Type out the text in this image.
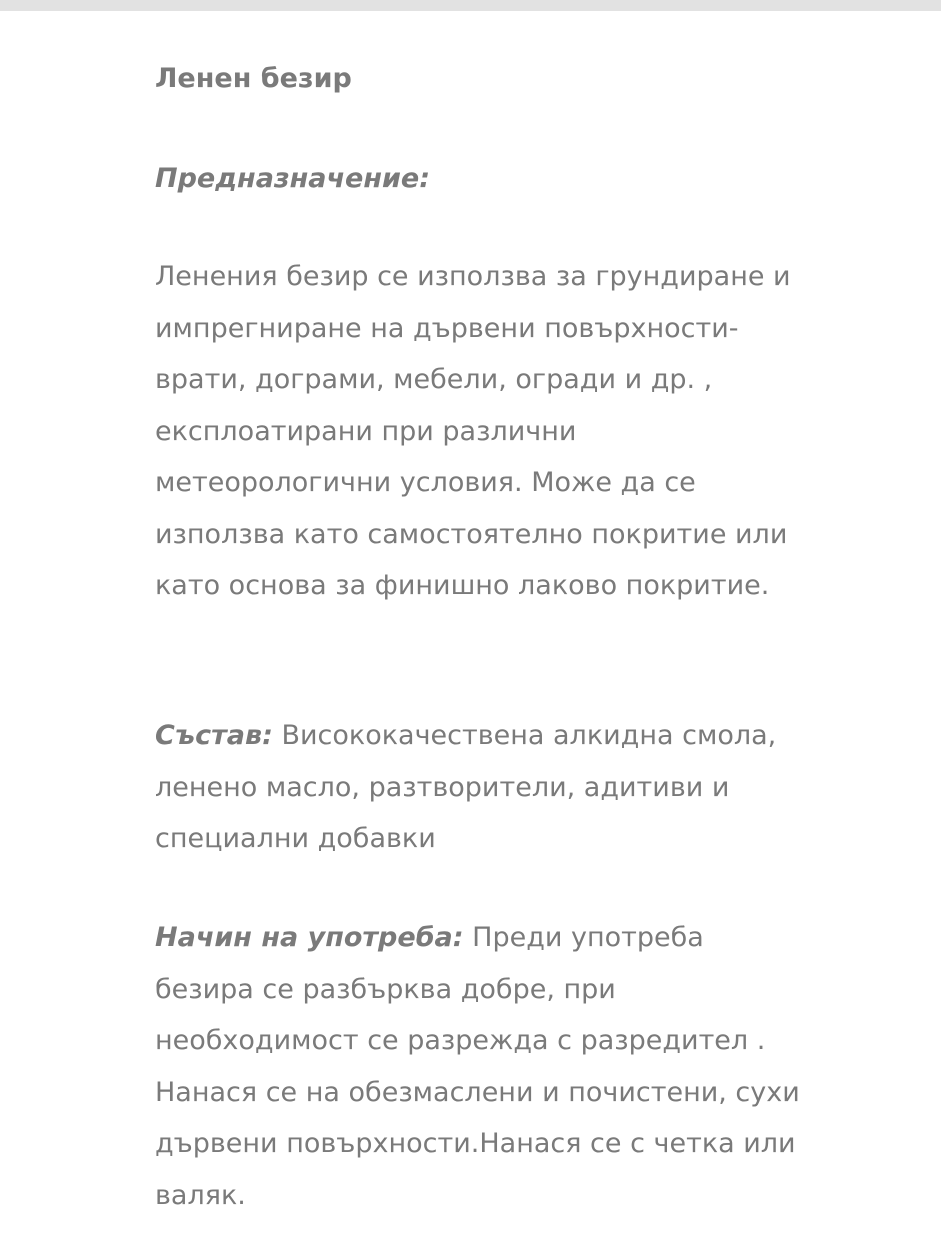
Ленен безир

Предназначение:

Ленения безир се използва за грундиране и импрегниране на дървени повърхности-врати, дограми, мебели, огради и др. , експлоатирани при различни метеорологични условия. Може да се използва като самостоятелно покритие или като основа за финишно лаково покритие.

Състав: Висококачествена алкидна смола, ленено масло, разтворители, адитиви и специални добавки

Начин на употреба: Преди употреба безира се разбърква добре, при необходимост се разрежда с разредител . Нанася се на обезмаслени и почистени, сухи дървени повърхности.Нанася се с четка или валяк.
